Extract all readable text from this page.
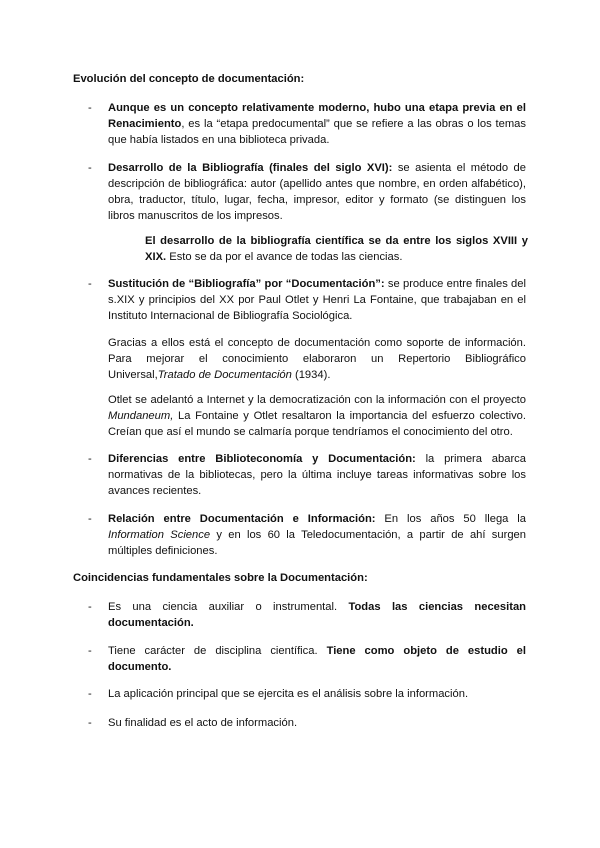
Evolución del concepto de documentación:
- Aunque es un concepto relativamente moderno, hubo una etapa previa en el Renacimiento, es la “etapa predocumental” que se refiere a las obras o los temas que había listados en una biblioteca privada.
- Desarrollo de la Bibliografía (finales del siglo XVI): se asienta el método de descripción de bibliográfica: autor (apellido antes que nombre, en orden alfabético), obra, traductor, título, lugar, fecha, impresor, editor y formato (se distinguen los libros manuscritos de los impresos.
El desarrollo de la bibliografía científica se da entre los siglos XVIII y XIX. Esto se da por el avance de todas las ciencias.
- Sustitución de “Bibliografía” por “Documentación”: se produce entre finales del s.XIX y principios del XX por Paul Otlet y Henri La Fontaine, que trabajaban en el Instituto Internacional de Bibliografía Sociológica.
Gracias a ellos está el concepto de documentación como soporte de información. Para mejorar el conocimiento elaboraron un Repertorio Bibliográfico Universal,Tratado de Documentación (1934).
Otlet se adelantó a Internet y la democratización con la información con el proyecto Mundaneum, La Fontaine y Otlet resaltaron la importancia del esfuerzo colectivo. Creían que así el mundo se calmaría porque tendríamos el conocimiento del otro.
- Diferencias entre Biblioteconomía y Documentación: la primera abarca normativas de la bibliotecas, pero la última incluye tareas informativas sobre los avances recientes.
- Relación entre Documentación e Información: En los años 50 llega la Information Science y en los 60 la Teledocumentación, a partir de ahí surgen múltiples definiciones.
Coincidencias fundamentales sobre la Documentación:
- Es una ciencia auxiliar o instrumental. Todas las ciencias necesitan documentación.
- Tiene carácter de disciplina científica. Tiene como objeto de estudio el documento.
- La aplicación principal que se ejercita es el análisis sobre la información.
- Su finalidad es el acto de información.
